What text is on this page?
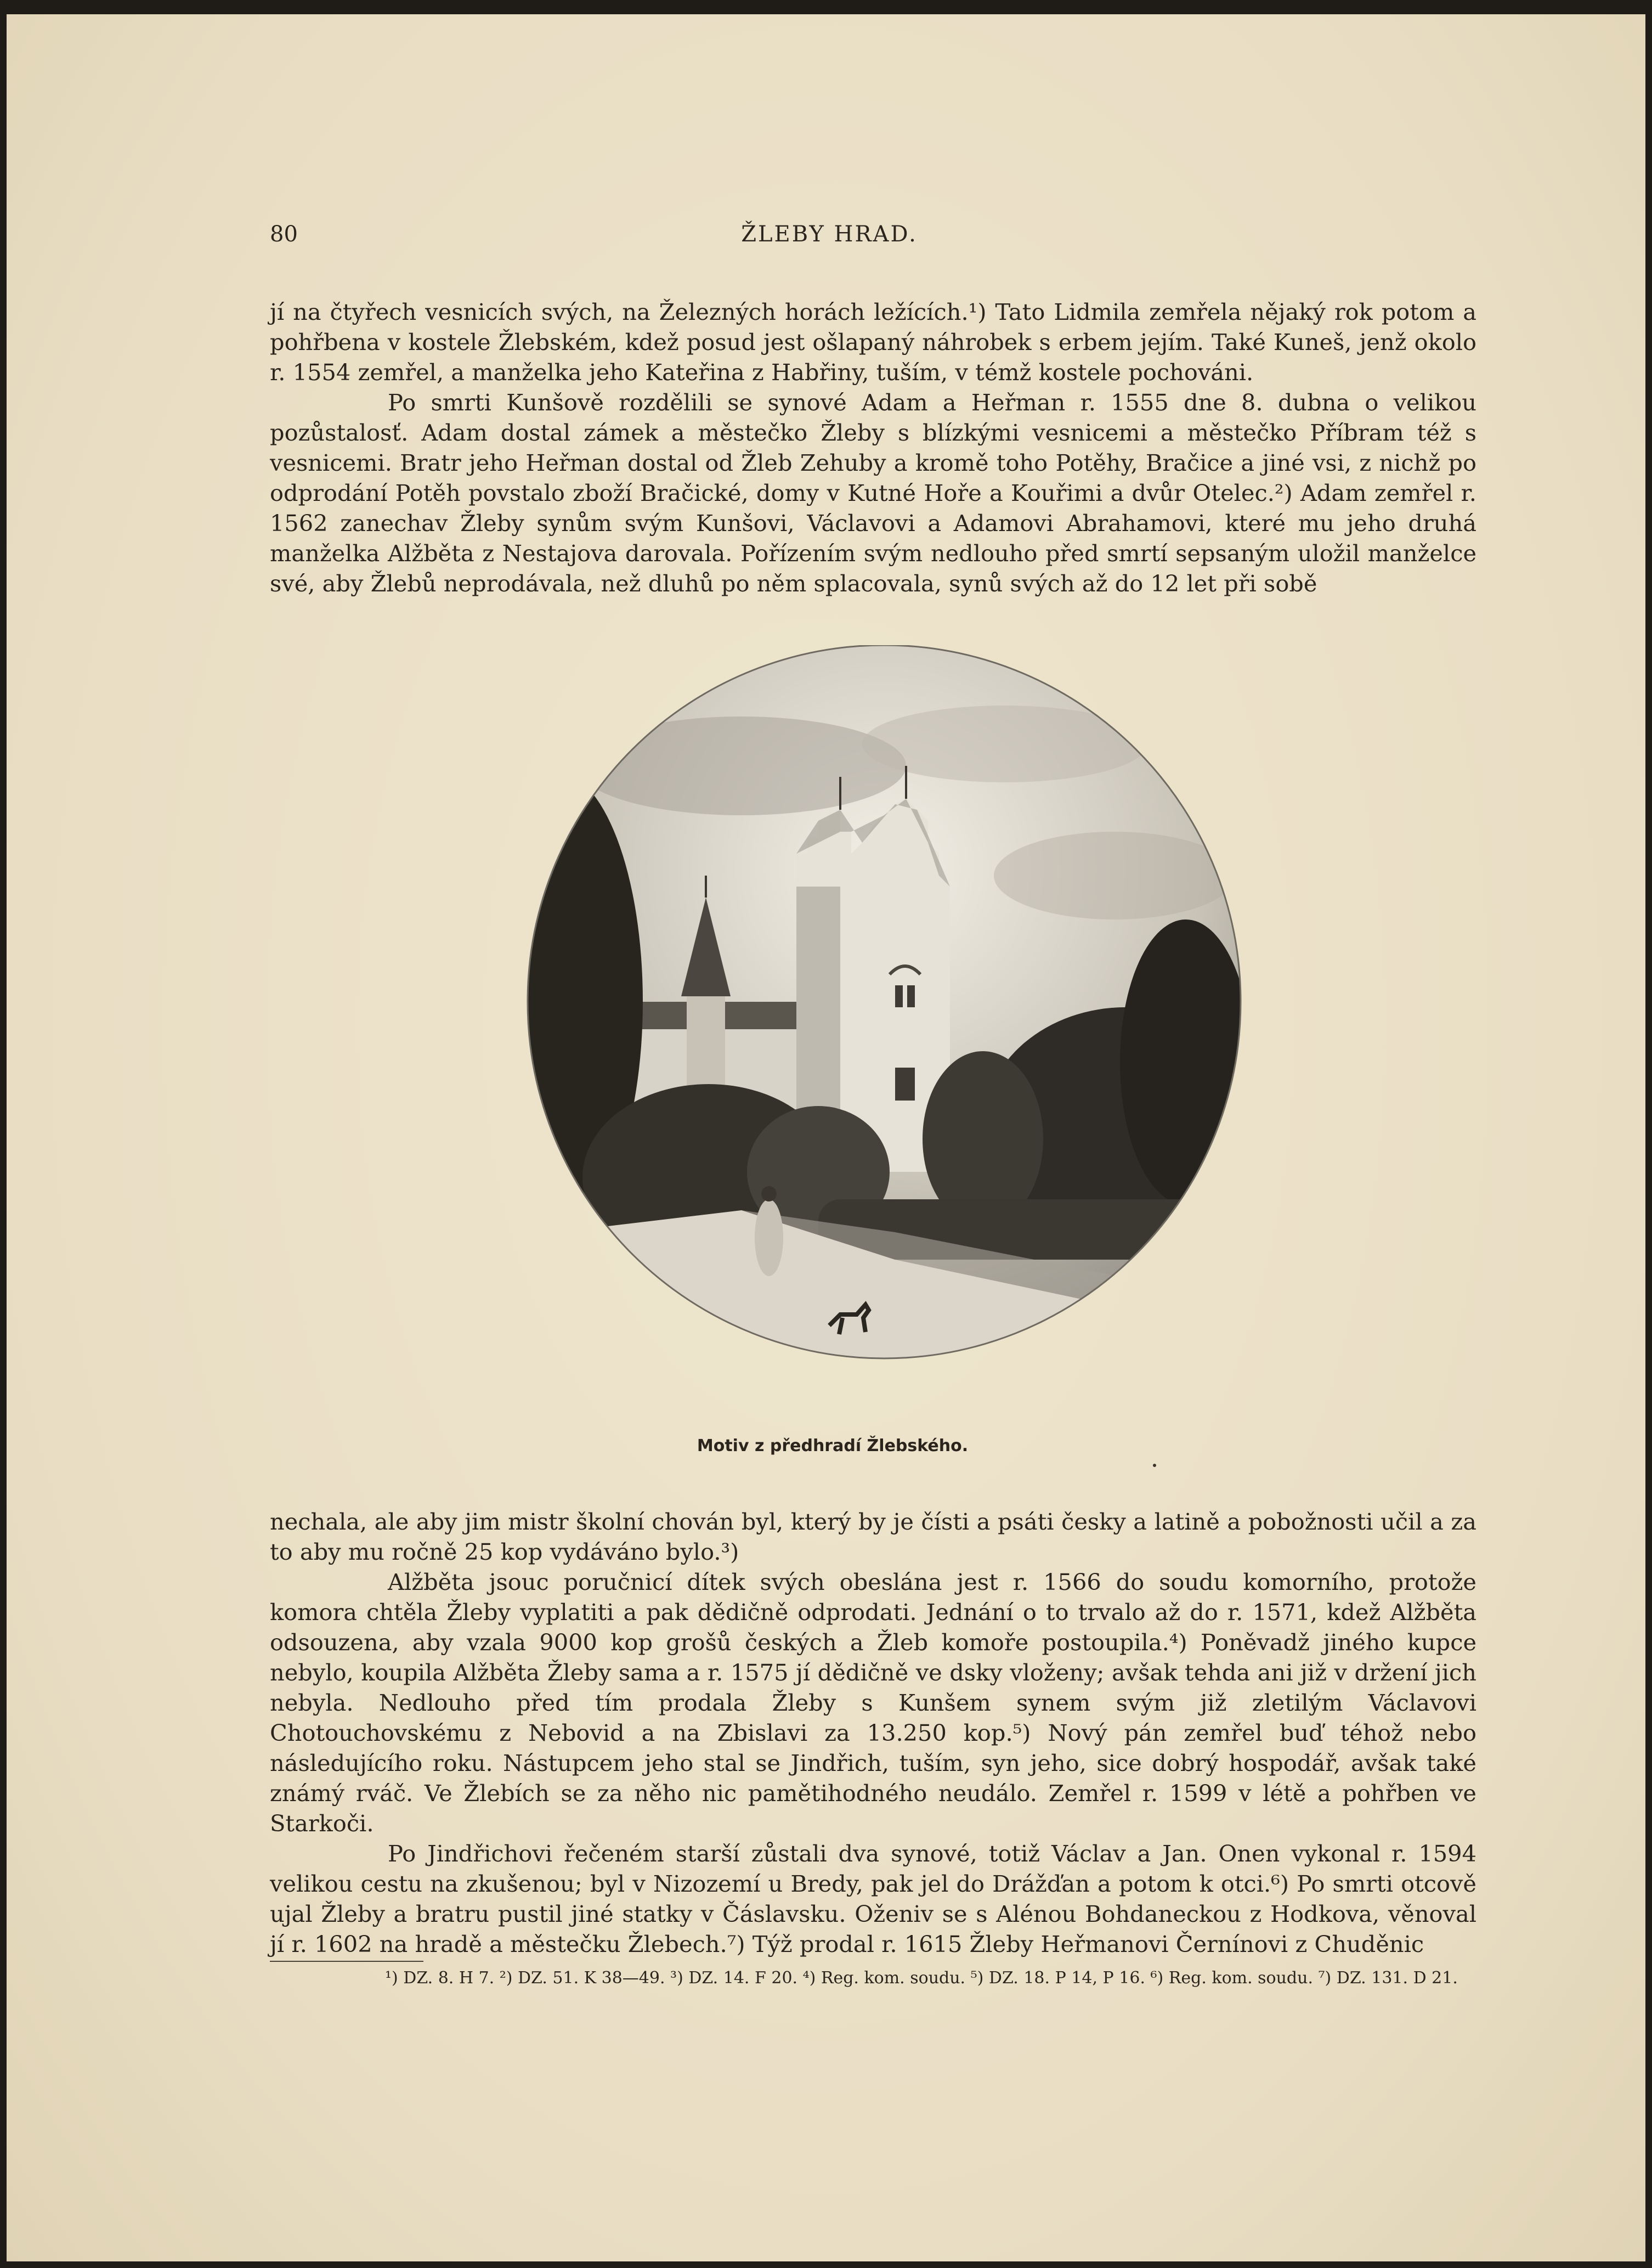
80	ŽLEBY HRAD.

jí na čtyřech vesnicích svých, na Železných horách ležících.¹) Tato Lidmila zemřela nějaký rok potom a pohřbena v kostele Žlebském, kdež posud jest ošlapaný náhrobek s erbem jejím. Také Kuneš, jenž okolo r. 1554 zemřel, a manželka jeho Kateřina z Habřiny, tuším, v témž kostele pochováni.

Po smrti Kunšově rozdělili se synové Adam a Heřman r. 1555 dne 8. dubna o velikou pozůstalosť. Adam dostal zámek a městečko Žleby s blízkými vesnicemi a městečko Příbram též s vesnicemi. Bratr jeho Heřman dostal od Žleb Zehuby a kromě toho Potěhy, Bračice a jiné vsi, z nichž po odprodání Potěh povstalo zboží Bračické, domy v Kutné Hoře a Kouřimi a dvůr Otelec.²) Adam zemřel r. 1562 zanechav Žleby synům svým Kunšovi, Václavovi a Adamovi Abrahamovi, které mu jeho druhá manželka Alžběta z Nestajova darovala. Pořízením svým nedlouho před smrtí sepsaným uložil manželce své, aby Žlebů neprodávala, než dluhů po něm splacovala, synů svých až do 12 let při sobě

Motiv z předhradí Žlebského.

nechala, ale aby jim mistr školní chován byl, který by je čísti a psáti česky a latině a pobožnosti učil a za to aby mu ročně 25 kop vydáváno bylo.³)

Alžběta jsouc poručnicí dítek svých obeslána jest r. 1566 do soudu komorního, protože komora chtěla Žleby vyplatiti a pak dědičně odprodati. Jednání o to trvalo až do r. 1571, kdež Alžběta odsouzena, aby vzala 9000 kop grošů českých a Žleb komoře postoupila.⁴) Poněvadž jiného kupce nebylo, koupila Alžběta Žleby sama a r. 1575 jí dědičně ve dsky vloženy; avšak tehda ani již v držení jich nebyla. Nedlouho před tím prodala Žleby s Kunšem synem svým již zletilým Václavovi Chotouchovskému z Nebovid a na Zbislavi za 13.250 kop.⁵) Nový pán zemřel buď téhož nebo následujícího roku. Nástupcem jeho stal se Jindřich, tuším, syn jeho, sice dobrý hospodář, avšak také známý rváč. Ve Žlebích se za něho nic pamětihodného neudálo. Zemřel r. 1599 v létě a pohřben ve Starkoči.

Po Jindřichovi řečeném starší zůstali dva synové, totiž Václav a Jan. Onen vykonal r. 1594 velikou cestu na zkušenou; byl v Nizozemí u Bredy, pak jel do Drážďan a potom k otci.⁶) Po smrti otcově ujal Žleby a bratru pustil jiné statky v Čáslavsku. Oženiv se s Alénou Bohdaneckou z Hodkova, věnoval jí r. 1602 na hradě a městečku Žlebech.⁷) Týž prodal r. 1615 Žleby Heřmanovi Černínovi z Chuděnic

¹) DZ. 8. H 7. ²) DZ. 51. K 38—49. ³) DZ. 14. F 20. ⁴) Reg. kom. soudu. ⁵) DZ. 18. P 14, P 16. ⁶) Reg. kom. soudu. ⁷) DZ. 131. D 21.
